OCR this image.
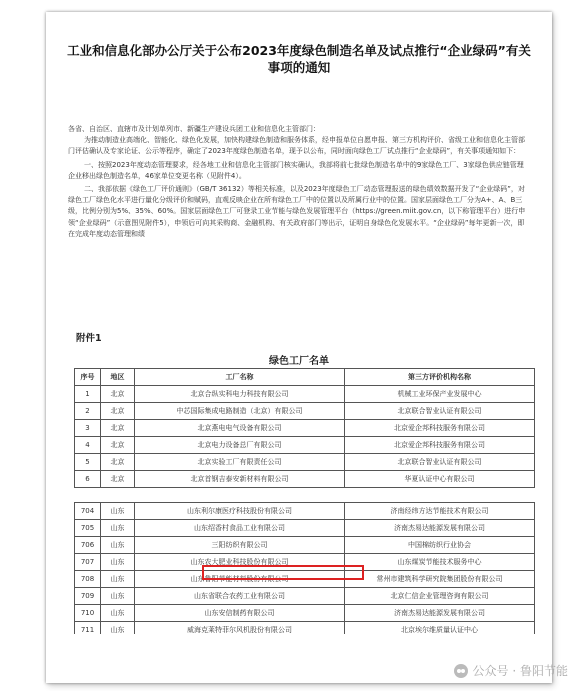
工业和信息化部办公厅关于公布2023年度绿色制造名单及试点推行“企业绿码”有关
事项的通知

各省、自治区、直辖市及计划单列市、新疆生产建设兵团工业和信息化主管部门：

为推动制造业高端化、智能化、绿色化发展，加快构建绿色制造和服务体系，经申报单位自愿申报、第三方机构评价、省级工业和信息化主管部门评估确认及专家论证、公示等程序，确定了2023年度绿色制造名单，现予以公布，同时面向绿色工厂试点推行“企业绿码”，有关事项通知如下：

一、按照2023年度动态管理要求，经各地工业和信息化主管部门核实确认，我部将前七批绿色制造名单中的9家绿色工厂、3家绿色供应链管理企业移出绿色制造名单，46家单位变更名称（见附件4）。

二、我部依据《绿色工厂评价通则》（GB/T 36132）等相关标准，以及2023年度绿色工厂动态管理报送的绿色绩效数据开发了“企业绿码”，对绿色工厂绿色化水平进行量化分级评价和赋码，直观反映企业在所有绿色工厂中的位置以及所属行业中的位置。国家层面绿色工厂分为A+、A、B三级，比例分别为5%、35%、60%。国家层面绿色工厂可登录工业节能与绿色发展管理平台（https://green.miit.gov.cn，以下称管理平台）进行申领“企业绿码”（示意图见附件5），申领后可向其采购商、金融机构、有关政府部门等出示，证明自身绿色化发展水平。“企业绿码”每年更新一次，即在完成年度动态管理和绩

附件1
绿色工厂名单
序号	地区	工厂名称	第三方评价机构名称
1	北京	北京合纵实科电力科技有限公司	机械工业环保产业发展中心
2	北京	中芯国际集成电路制造（北京）有限公司	北京联合智业认证有限公司
3	北京	北京燕电电气设备有限公司	北京爱企邦科技服务有限公司
4	北京	北京电力设备总厂有限公司	北京爱企邦科技服务有限公司
5	北京	北京实验工厂有限责任公司	北京联合智业认证有限公司
6	北京	北京首钢吉泰安新材料有限公司	华夏认证中心有限公司
704	山东	山东利尔康医疗科技股份有限公司	济南经纬方达节能技术有限公司
705	山东	山东绍香村食品工业有限公司	济南杰易达能源发展有限公司
706	山东	三阳纺织有限公司	中国棉纺织行业协会
707	山东	山东农大肥业科技股份有限公司	山东煤炭节能技术服务中心
708	山东	山东鲁阳节能材料股份有限公司	常州市建筑科学研究院集团股份有限公司
709	山东	山东省联合农药工业有限公司	北京仁信企业管理咨询有限公司
710	山东	山东安信制药有限公司	济南杰易达能源发展有限公司
711	山东	威海克莱特菲尔风机股份有限公司	北京埃尔维质量认证中心

公众号 · 鲁阳节能
